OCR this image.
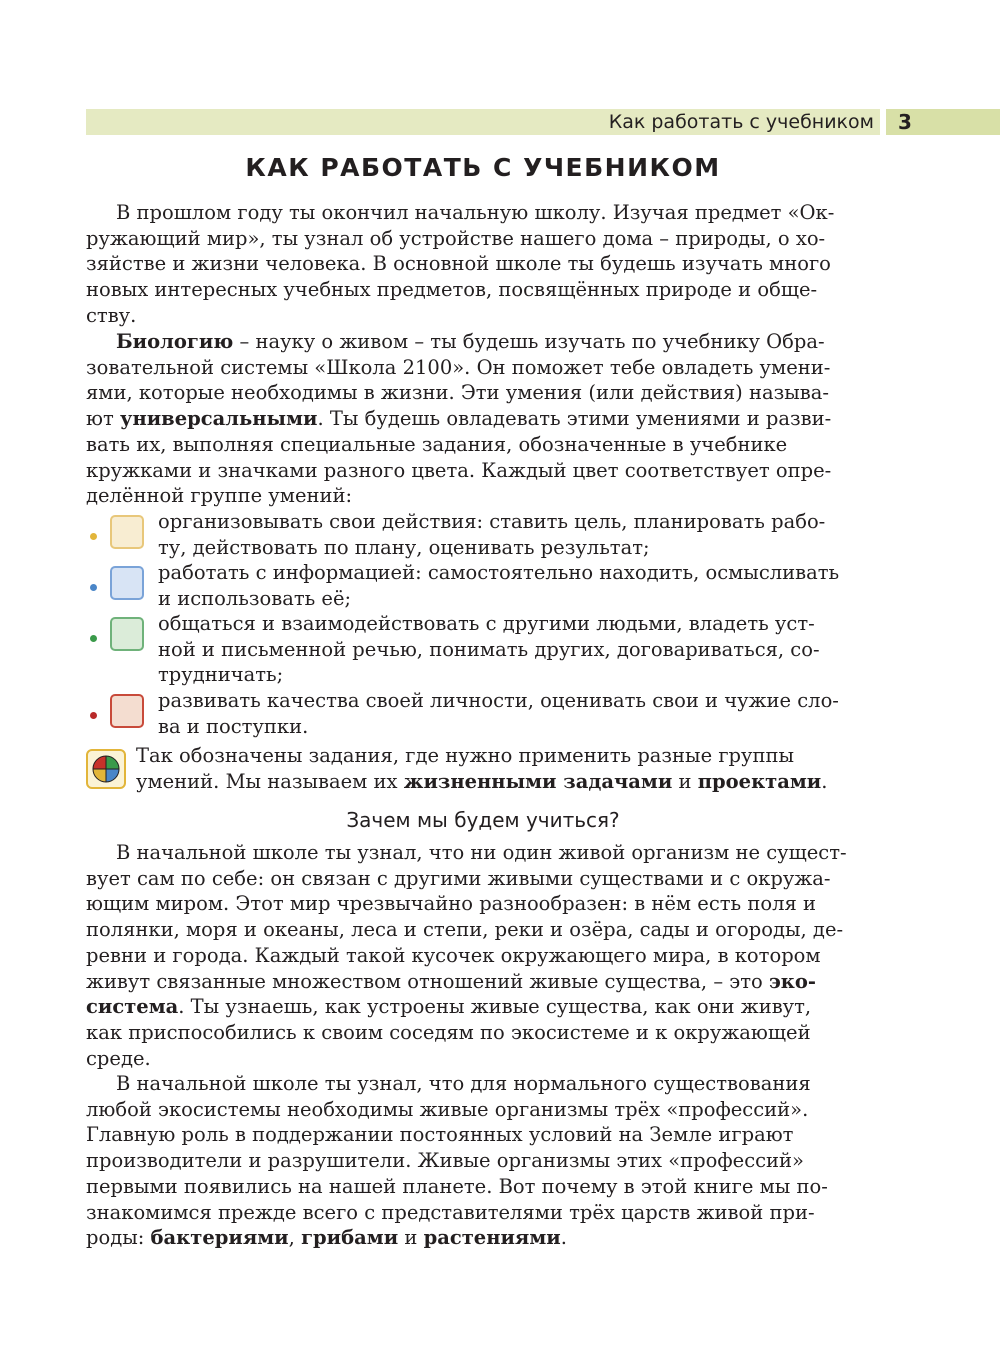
Как работать с учебником 3
КАК РАБОТАТЬ С УЧЕБНИКОМ
В прошлом году ты окончил начальную школу. Изучая предмет «Ок-
ружающий мир», ты узнал об устройстве нашего дома – природы, о хо-
зяйстве и жизни человека. В основной школе ты будешь изучать много
новых интересных учебных предметов, посвящённых природе и обще-
ству.
Биологию – науку о живом – ты будешь изучать по учебнику Обра-
зовательной системы «Школа 2100». Он поможет тебе овладеть умени-
ями, которые необходимы в жизни. Эти умения (или действия) называ-
ют универсальными. Ты будешь овладевать этими умениями и разви-
вать их, выполняя специальные задания, обозначенные в учебнике
кружками и значками разного цвета. Каждый цвет соответствует опре-
делённой группе умений:
организовывать свои действия: ставить цель, планировать рабо-
ту, действовать по плану, оценивать результат;
работать с информацией: самостоятельно находить, осмысливать
и использовать её;
общаться и взаимодействовать с другими людьми, владеть уст-
ной и письменной речью, понимать других, договариваться, со-
трудничать;
развивать качества своей личности, оценивать свои и чужие сло-
ва и поступки.
Так обозначены задания, где нужно применить разные группы
умений. Мы называем их жизненными задачами и проектами.
Зачем мы будем учиться?
В начальной школе ты узнал, что ни один живой организм не сущест-
вует сам по себе: он связан с другими живыми существами и с окружа-
ющим миром. Этот мир чрезвычайно разнообразен: в нём есть поля и
полянки, моря и океаны, леса и степи, реки и озёра, сады и огороды, де-
ревни и города. Каждый такой кусочек окружающего мира, в котором
живут связанные множеством отношений живые существа, – это эко-
система. Ты узнаешь, как устроены живые существа, как они живут,
как приспособились к своим соседям по экосистеме и к окружающей
среде.
В начальной школе ты узнал, что для нормального существования
любой экосистемы необходимы живые организмы трёх «профессий».
Главную роль в поддержании постоянных условий на Земле играют
производители и разрушители. Живые организмы этих «профессий»
первыми появились на нашей планете. Вот почему в этой книге мы по-
знакомимся прежде всего с представителями трёх царств живой при-
роды: бактериями, грибами и растениями.
